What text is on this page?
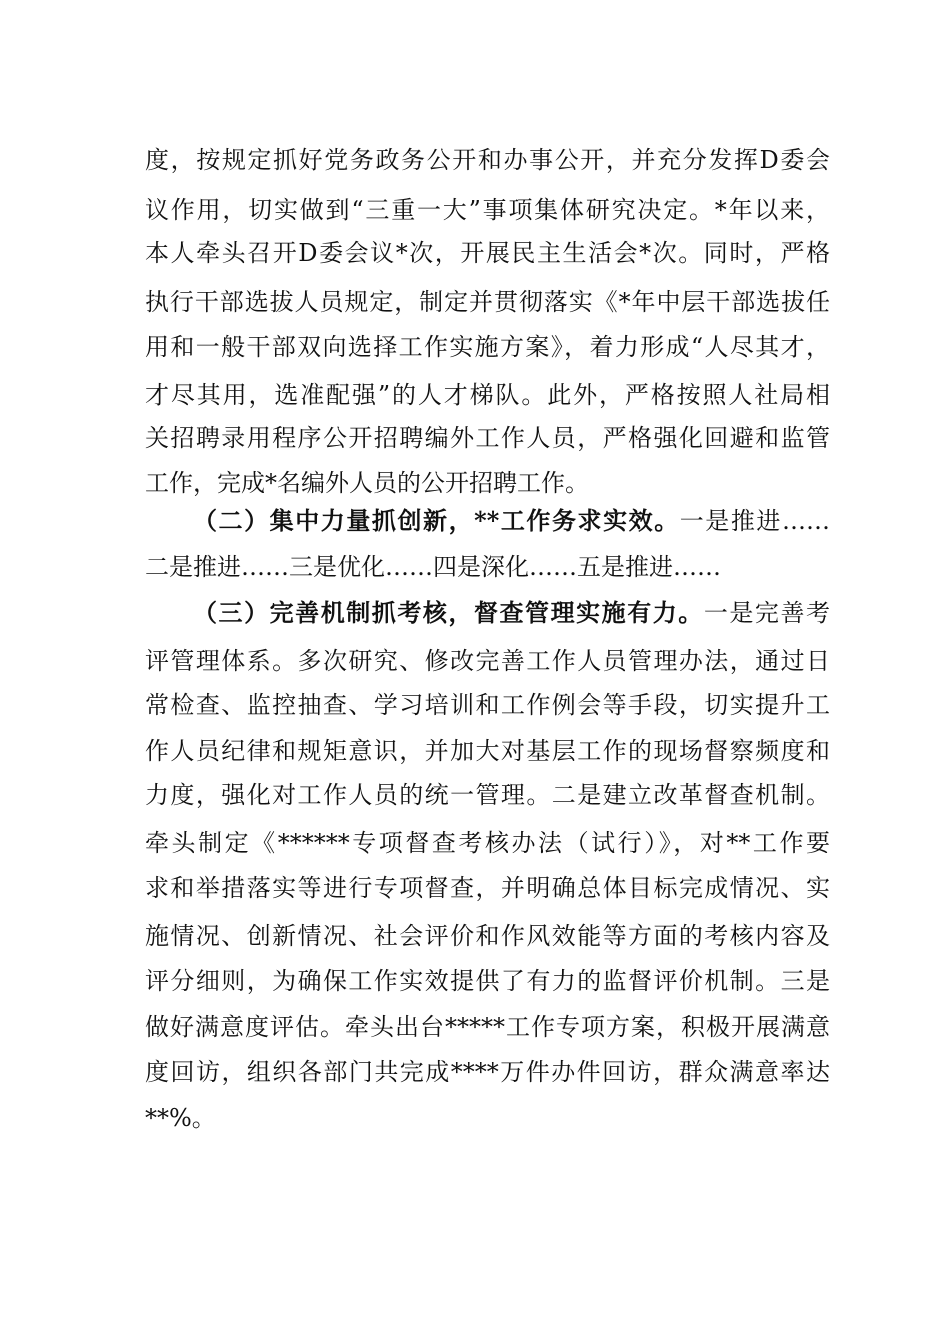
度，按规定抓好党务政务公开和办事公开，并充分发挥D委会
议作用，切实做到“三重一大”事项集体研究决定。*年以来，
本人牵头召开D委会议*次，开展民主生活会*次。同时，严格
执行干部选拔人员规定，制定并贯彻落实《*年中层干部选拔任
用和一般干部双向选择工作实施方案》，着力形成“人尽其才，
才尽其用，选准配强”的人才梯队。此外，严格按照人社局相
关招聘录用程序公开招聘编外工作人员，严格强化回避和监管
工作，完成*名编外人员的公开招聘工作。
（二）集中力量抓创新，**工作务求实效。一是推进……
二是推进……三是优化……四是深化……五是推进……
（三）完善机制抓考核，督查管理实施有力。一是完善考
评管理体系。多次研究、修改完善工作人员管理办法，通过日
常检查、监控抽查、学习培训和工作例会等手段，切实提升工
作人员纪律和规矩意识，并加大对基层工作的现场督察频度和
力度，强化对工作人员的统一管理。二是建立改革督查机制。
牵头制定《******专项督查考核办法（试行）》，对**工作要
求和举措落实等进行专项督查，并明确总体目标完成情况、实
施情况、创新情况、社会评价和作风效能等方面的考核内容及
评分细则，为确保工作实效提供了有力的监督评价机制。三是
做好满意度评估。牵头出台*****工作专项方案，积极开展满意
度回访，组织各部门共完成****万件办件回访，群众满意率达
**%。
